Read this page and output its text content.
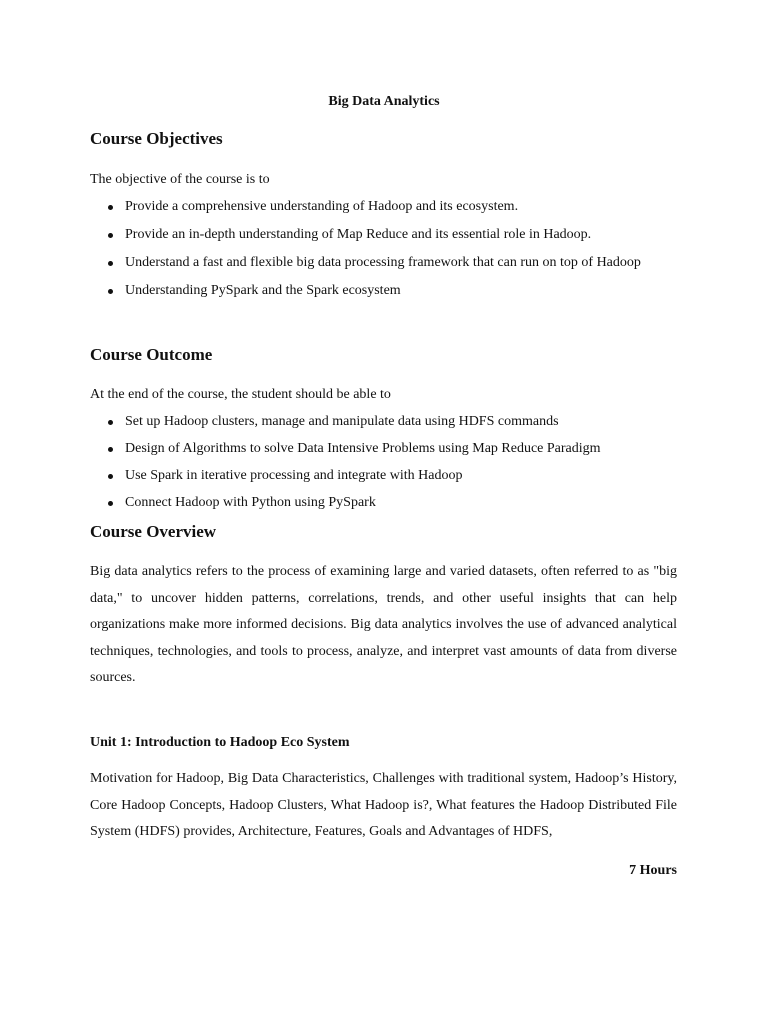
Big Data Analytics
Course Objectives

The objective of the course is to

Provide a comprehensive understanding of Hadoop and its ecosystem.
Provide an in-depth understanding of Map Reduce and its essential role in Hadoop.
Understand a fast and flexible big data processing framework that can run on top of Hadoop
Understanding PySpark and the Spark ecosystem
Course Outcome

At the end of the course, the student should be able to

Set up Hadoop clusters, manage and manipulate data using HDFS commands
Design of Algorithms to solve Data Intensive Problems using Map Reduce Paradigm
Use Spark in iterative processing and integrate with Hadoop
Connect Hadoop with Python using PySpark
Course Overview

Big data analytics refers to the process of examining large and varied datasets, often referred to as "big data," to uncover hidden patterns, correlations, trends, and other useful insights that can help organizations make more informed decisions. Big data analytics involves the use of advanced analytical techniques, technologies, and tools to process, analyze, and interpret vast amounts of data from diverse sources.

Unit 1: Introduction to Hadoop Eco System

Motivation for Hadoop, Big Data Characteristics, Challenges with traditional system, Hadoop’s History, Core Hadoop Concepts, Hadoop Clusters, What Hadoop is?, What features the Hadoop Distributed File System (HDFS) provides, Architecture, Features, Goals and Advantages of HDFS,

7 Hours
